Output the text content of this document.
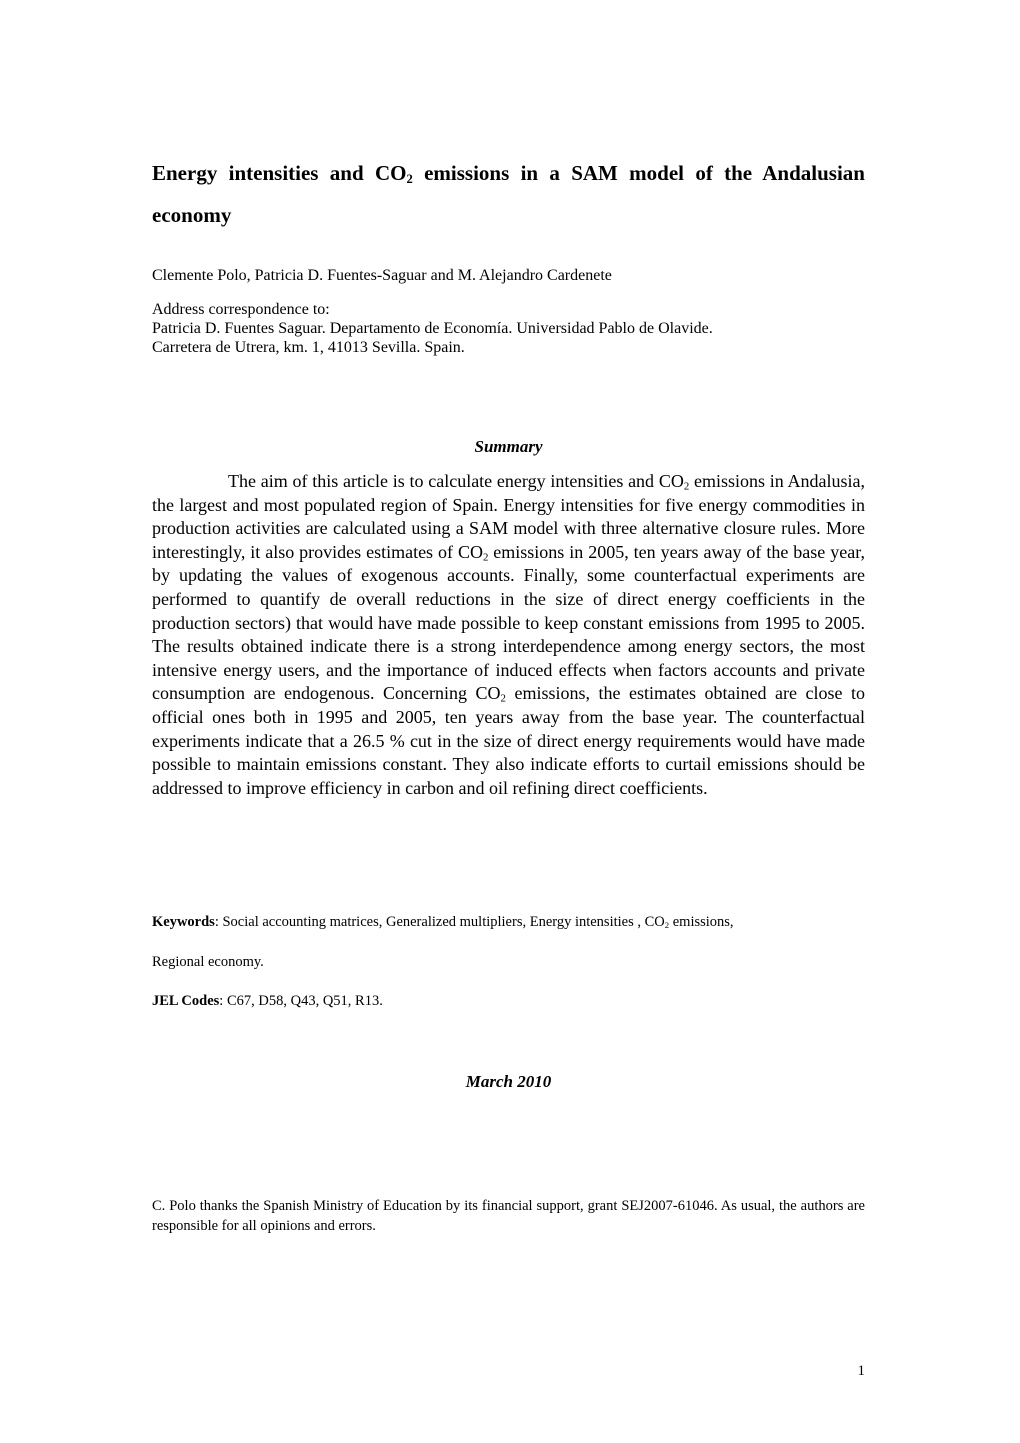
Energy intensities and $CO_2$ emissions in a SAM model of the Andalusian economy

Clemente Polo, Patricia D. Fuentes-Saguar and M. Alejandro Cardenete

Address correspondence to:
Patricia D. Fuentes Saguar. Departamento de Economía. Universidad Pablo de Olavide.
Carretera de Utrera, km. 1, 41013 Sevilla. Spain.
Summary

The aim of this article is to calculate energy intensities and $CO_2$ emissions in Andalusia, the largest and most populated region of Spain. Energy intensities for five energy commodities in production activities are calculated using a SAM model with three alternative closure rules. More interestingly, it also provides estimates of $CO_2$ emissions in 2005, ten years away of the base year, by updating the values of exogenous accounts. Finally, some counterfactual experiments are performed to quantify de overall reductions in the size of direct energy coefficients in the production sectors) that would have made possible to keep constant emissions from 1995 to 2005. The results obtained indicate there is a strong interdependence among energy sectors, the most intensive energy users, and the importance of induced effects when factors accounts and private consumption are endogenous. Concerning $CO_2$ emissions, the estimates obtained are close to official ones both in 1995 and 2005, ten years away from the base year. The counterfactual experiments indicate that a 26.5 % cut in the size of direct energy requirements would have made possible to maintain emissions constant. They also indicate efforts to curtail emissions should be addressed to improve efficiency in carbon and oil refining direct coefficients.

Keywords: Social accounting matrices, Generalized multipliers, Energy intensities , $CO_2$ emissions,

Regional economy.

JEL Codes: C67, D58, Q43, Q51, R13.

March 2010

C. Polo thanks the Spanish Ministry of Education by its financial support, grant SEJ2007-61046. As usual, the authors are responsible for all opinions and errors.

1
